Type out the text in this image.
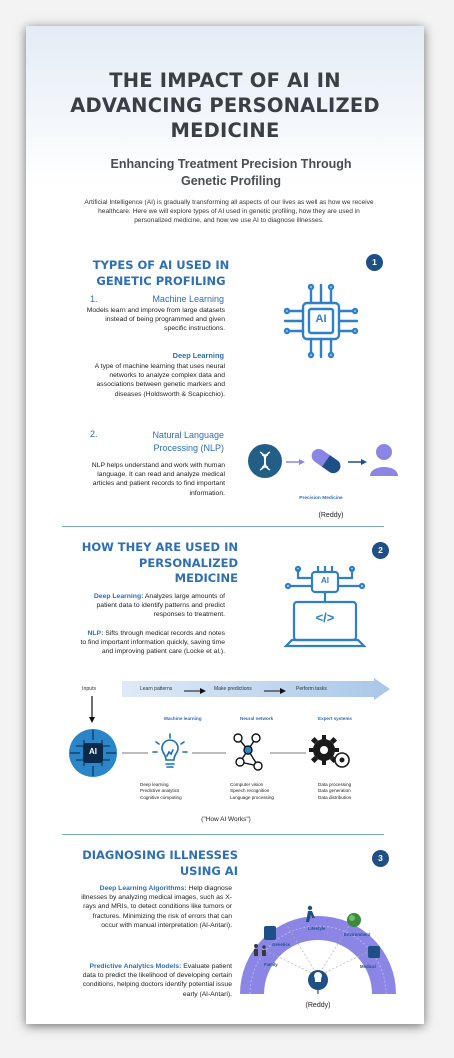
THE IMPACT OF AI IN
ADVANCING PERSONALIZED
MEDICINE
Enhancing Treatment Precision Through Genetic Profiling
Artificial Intelligence (AI) is gradually transforming all aspects of our lives as well as how we receive healthcare. Here we will explore types of AI used in genetic profiling, how they are used in personalized medicine, and how we use AI to diagnose illnesses.
TYPES OF AI USED IN
GENETIC PROFILING
1
1.	Machine Learning
Models learn and improve from large datasets instead of being programmed and given specific instructions.
Deep Learning
A type of machine learning that uses neural networks to analyze complex data and associations between genetic markers and diseases (Holdsworth & Scapicchio).
2.	Natural Language Processing (NLP)
NLP helps understand and work with human language. It can read and analyze medical articles and patient records to find important information.
AI
Precision Medicine
(Reddy)
HOW THEY ARE USED IN
PERSONALIZED
MEDICINE
2
Deep Learning: Analyzes large amounts of patient data to identify patterns and predict responses to treatment.
NLP: Sifts through medical records and notes to find important information quickly, saving time and improving patient care (Locke et al.).
AI
</>
Inputs	Learn patterns	Make predictions	Perform tasks
AI
Machine learning	Neural network	Expert systems
Deep learning
Predictive analytics
Cognitive computing
Computer vision
Speech recognition
Language processing
Data processing
Data generation
Data distribution
("How AI Works")
DIAGNOSING ILLNESSES
USING AI
3
Deep Learning Algorithms: Help diagnose illnesses by analyzing medical images, such as X-rays and MRIs, to detect conditions like tumors or fractures. Minimizing the risk of errors that can occur with manual interpretation (Al-Antari).
Predictive Analytics Models: Evaluate patient data to predict the likelihood of developing certain conditions, helping doctors identify potential issue early (Al-Antari).
Genetics
Lifestyle
Environment
Family	Medical
(Reddy)
